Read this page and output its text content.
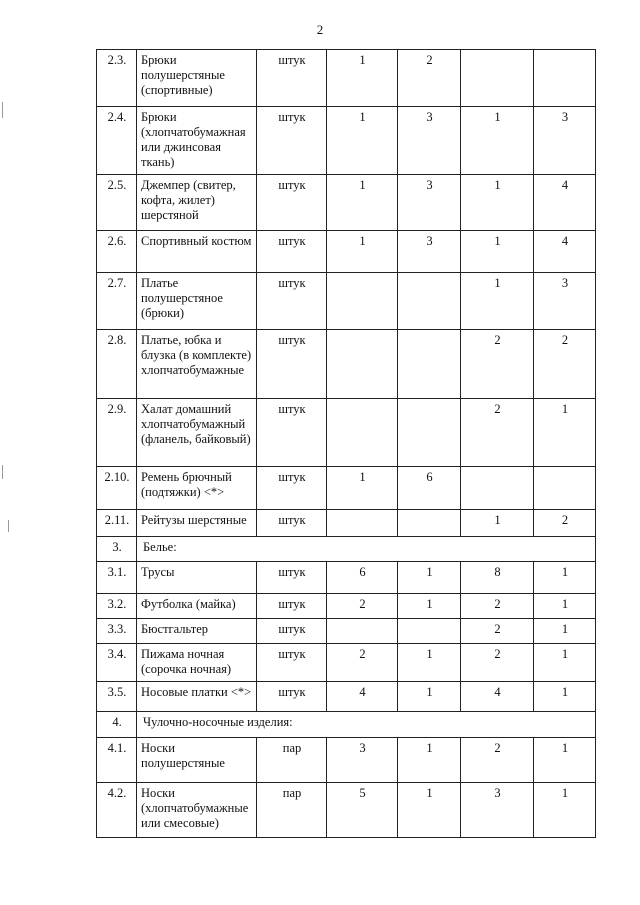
2
2.3.	Брюки полушерстяные (спортивные)	штук	1	2		
2.4.	Брюки (хлопчатобумажная или джинсовая ткань)	штук	1	3	1	3
2.5.	Джемпер (свитер, кофта, жилет) шерстяной	штук	1	3	1	4
2.6.	Спортивный костюм	штук	1	3	1	4
2.7.	Платье полушерстяное (брюки)	штук			1	3
2.8.	Платье, юбка и блузка (в комплекте) хлопчатобумажные	штук			2	2
2.9.	Халат домашний хлопчатобумажный (фланель, байковый)	штук			2	1
2.10.	Ремень брючный (подтяжки) <*>	штук	1	6		
2.11.	Рейтузы шерстяные	штук			1	2
3.	Белье:					
3.1.	Трусы	штук	6	1	8	1
3.2.	Футболка (майка)	штук	2	1	2	1
3.3.	Бюстгальтер	штук			2	1
3.4.	Пижама ночная (сорочка ночная)	штук	2	1	2	1
3.5.	Носовые платки <*>	штук	4	1	4	1
4.	Чулочно-носочные изделия:					
4.1.	Носки полушерстяные	пар	3	1	2	1
4.2.	Носки (хлопчатобумажные или смесовые)	пар	5	1	3	1
